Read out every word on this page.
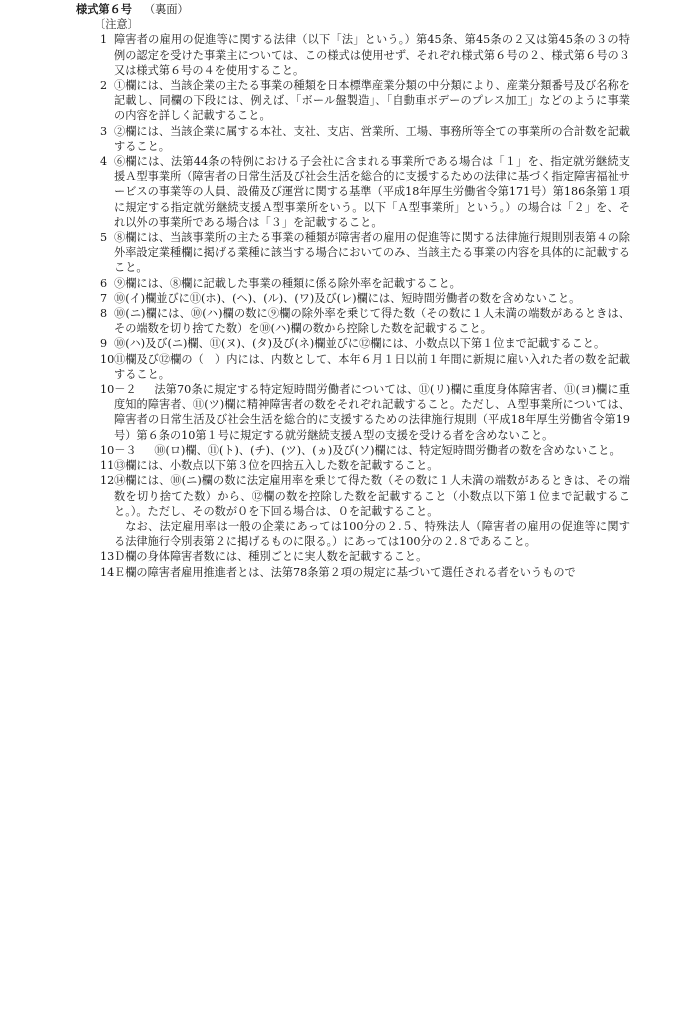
様式第６号 （裏面）
〔注意〕
1 障害者の雇用の促進等に関する法律（以下「法」という。）第45条、第45条の２又は第45条の３の特例の認定を受けた事業主については、この様式は使用せず、それぞれ様式第６号の２、様式第６号の３又は様式第６号の４を使用すること。
2 ①欄には、当該企業の主たる事業の種類を日本標準産業分類の中分類により、産業分類番号及び名称を記載し、同欄の下段には、例えば、「ボール盤製造」、「自動車ボデーのプレス加工」などのように事業の内容を詳しく記載すること。
3 ②欄には、当該企業に属する本社、支社、支店、営業所、工場、事務所等全ての事業所の合計数を記載すること。
4 ⑥欄には、法第44条の特例における子会社に含まれる事業所である場合は「１」を、指定就労継続支援Ａ型事業所（障害者の日常生活及び社会生活を総合的に支援するための法律に基づく指定障害福祉サービスの事業等の人員、設備及び運営に関する基準（平成18年厚生労働省令第171号）第186条第１項に規定する指定就労継続支援Ａ型事業所をいう。以下「Ａ型事業所」という。）の場合は「２」を、それ以外の事業所である場合は「３」を記載すること。
5 ⑧欄には、当該事業所の主たる事業の種類が障害者の雇用の促進等に関する法律施行規則別表第４の除外率設定業種欄に掲げる業種に該当する場合においてのみ、当該主たる事業の内容を具体的に記載すること。
6 ⑨欄には、⑧欄に記載した事業の種類に係る除外率を記載すること。
7 ⑩(イ)欄並びに⑪(ホ)、(ヘ)、(ル)、(ワ)及び(レ)欄には、短時間労働者の数を含めないこと。
8 ⑩(ニ)欄には、⑩(ハ)欄の数に⑨欄の除外率を乗じて得た数（その数に１人未満の端数があるときは、その端数を切り捨てた数）を⑩(ハ)欄の数から控除した数を記載すること。
9 ⑩(ハ)及び(ニ)欄、⑪(ヌ)、(タ)及び(ネ)欄並びに⑫欄には、小数点以下第１位まで記載すること。
10 ⑪欄及び⑫欄の（　）内には、内数として、本年６月１日以前１年間に新規に雇い入れた者の数を記載すること。
10－２	法第70条に規定する特定短時間労働者については、⑪(リ)欄に重度身体障害者、⑪(ヨ)欄に重度知的障害者、⑪(ツ)欄に精神障害者の数をそれぞれ記載すること。ただし、Ａ型事業所については、障害者の日常生活及び社会生活を総合的に支援するための法律施行規則（平成18年厚生労働省令第19号）第６条の10第１号に規定する就労継続支援Ａ型の支援を受ける者を含めないこと。
10－３	⑩(ロ)欄、⑪(ト)、(チ)、(ツ)、(ヵ)及び(ソ)欄には、特定短時間労働者の数を含めないこと。
11 ⑬欄には、小数点以下第３位を四捨五入した数を記載すること。
12 ⑭欄には、⑩(ニ)欄の数に法定雇用率を乗じて得た数（その数に１人未満の端数があるときは、その端数を切り捨てた数）から、⑫欄の数を控除した数を記載すること（小数点以下第１位まで記載すること。）。ただし、その数が０を下回る場合は、０を記載すること。
なお、法定雇用率は一般の企業にあっては100分の２.５、特殊法人（障害者の雇用の促進等に関する法律施行令別表第２に掲げるものに限る。）にあっては100分の２.８であること。
13 Ｄ欄の身体障害者数には、種別ごとに実人数を記載すること。
14 Ｅ欄の障害者雇用推進者とは、法第78条第２項の規定に基づいて選任される者をいうもので
